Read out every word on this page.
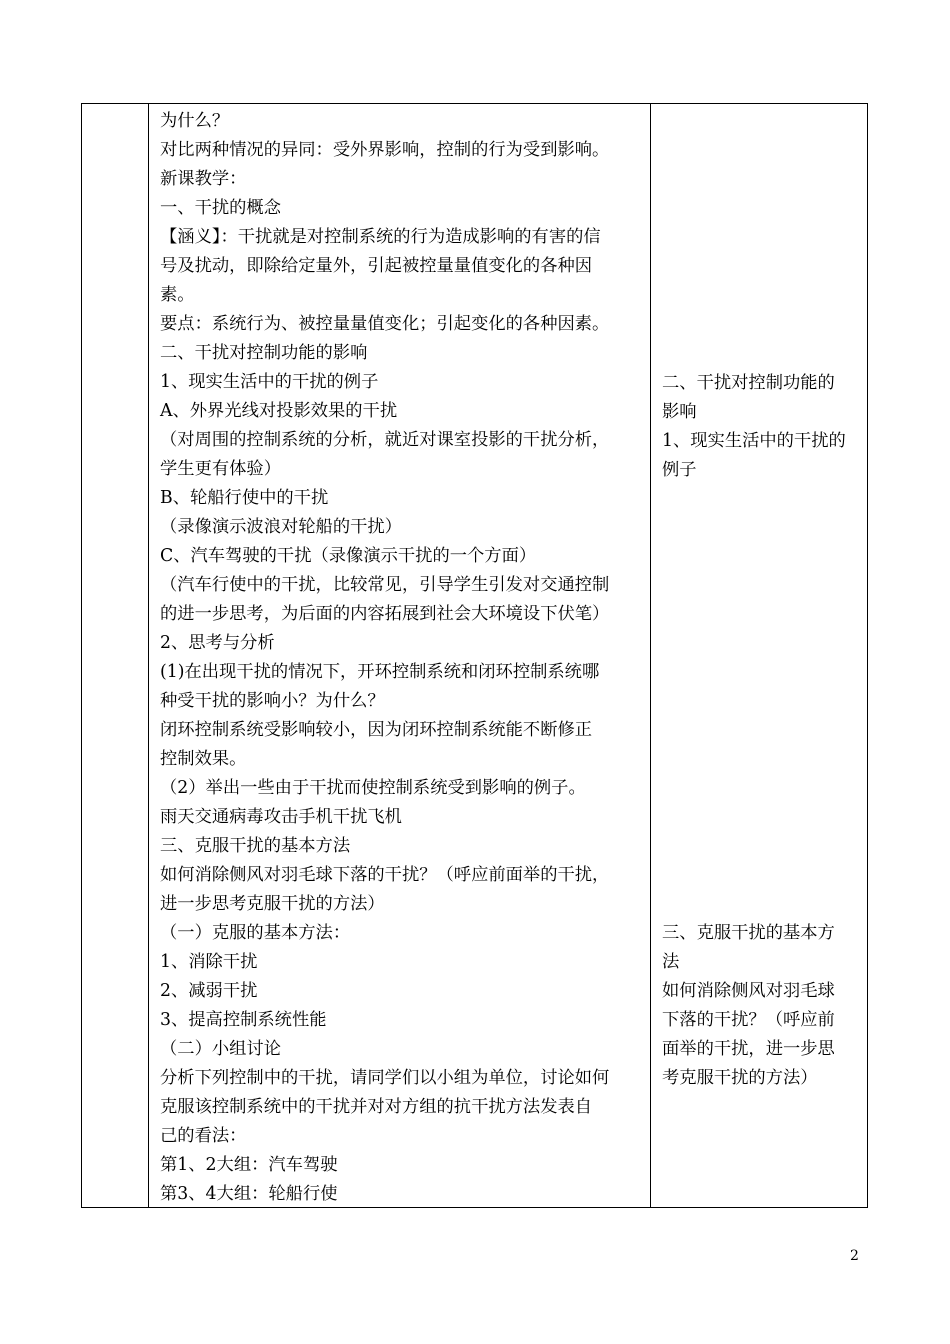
为什么？
对比两种情况的异同：受外界影响，控制的行为受到影响。
新课教学：
一、干扰的概念
【涵义】：干扰就是对控制系统的行为造成影响的有害的信
号及扰动，即除给定量外，引起被控量量值变化的各种因
素。
要点：系统行为、被控量量值变化；引起变化的各种因素。
二、干扰对控制功能的影响
1、现实生活中的干扰的例子
A、外界光线对投影效果的干扰
（对周围的控制系统的分析，就近对课室投影的干扰分析，
学生更有体验）
B、轮船行使中的干扰
（录像演示波浪对轮船的干扰）
C、汽车驾驶的干扰（录像演示干扰的一个方面）
（汽车行使中的干扰，比较常见，引导学生引发对交通控制
的进一步思考，为后面的内容拓展到社会大环境设下伏笔）
2、思考与分析
(1)在出现干扰的情况下，开环控制系统和闭环控制系统哪
种受干扰的影响小？为什么？
闭环控制系统受影响较小，因为闭环控制系统能不断修正
控制效果。
（2）举出一些由于干扰而使控制系统受到影响的例子。
雨天交通病毒攻击手机干扰飞机
三、克服干扰的基本方法
如何消除侧风对羽毛球下落的干扰？（呼应前面举的干扰，
进一步思考克服干扰的方法）
（一）克服的基本方法：
1、消除干扰
2、减弱干扰
3、提高控制系统性能
（二）小组讨论
分析下列控制中的干扰，请同学们以小组为单位，讨论如何
克服该控制系统中的干扰并对对方组的抗干扰方法发表自
己的看法：
第1、2大组：汽车驾驶
第3、4大组：轮船行使
二、干扰对控制功能的
影响
1、现实生活中的干扰的
例子
三、克服干扰的基本方
法
如何消除侧风对羽毛球
下落的干扰？（呼应前
面举的干扰，进一步思
考克服干扰的方法）
2
